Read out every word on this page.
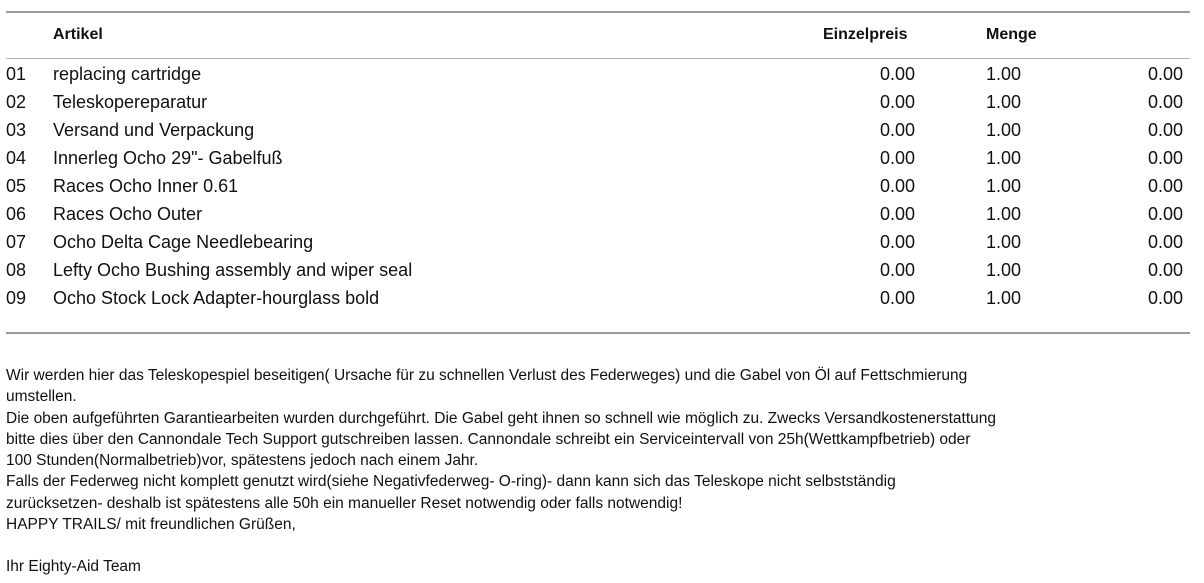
Artikel	Einzelpreis	Menge
01 replacing cartridge	0.00	1.00	0.00
02 Teleskopereparatur	0.00	1.00	0.00
03 Versand und Verpackung	0.00	1.00	0.00
04 Innerleg Ocho 29"- Gabelfuß	0.00	1.00	0.00
05 Races Ocho Inner 0.61	0.00	1.00	0.00
06 Races Ocho Outer	0.00	1.00	0.00
07 Ocho Delta Cage Needlebearing	0.00	1.00	0.00
08 Lefty Ocho Bushing assembly and wiper seal	0.00	1.00	0.00
09 Ocho Stock Lock Adapter-hourglass bold	0.00	1.00	0.00

Wir werden hier das Teleskopespiel beseitigen( Ursache für zu schnellen Verlust des Federweges) und die Gabel von Öl auf Fettschmierung

umstellen.

Die oben aufgeführten Garantiearbeiten wurden durchgeführt. Die Gabel geht ihnen so schnell wie möglich zu. Zwecks Versandkostenerstattung

bitte dies über den Cannondale Tech Support gutschreiben lassen. Cannondale schreibt ein Serviceintervall von 25h(Wettkampfbetrieb) oder

100 Stunden(Normalbetrieb)vor, spätestens jedoch nach einem Jahr.

Falls der Federweg nicht komplett genutzt wird(siehe Negativfederweg- O-ring)- dann kann sich das Teleskope nicht selbstständig

zurücksetzen- deshalb ist spätestens alle 50h ein manueller Reset notwendig oder falls notwendig!

HAPPY TRAILS/ mit freundlichen Grüßen,

Ihr Eighty-Aid Team
